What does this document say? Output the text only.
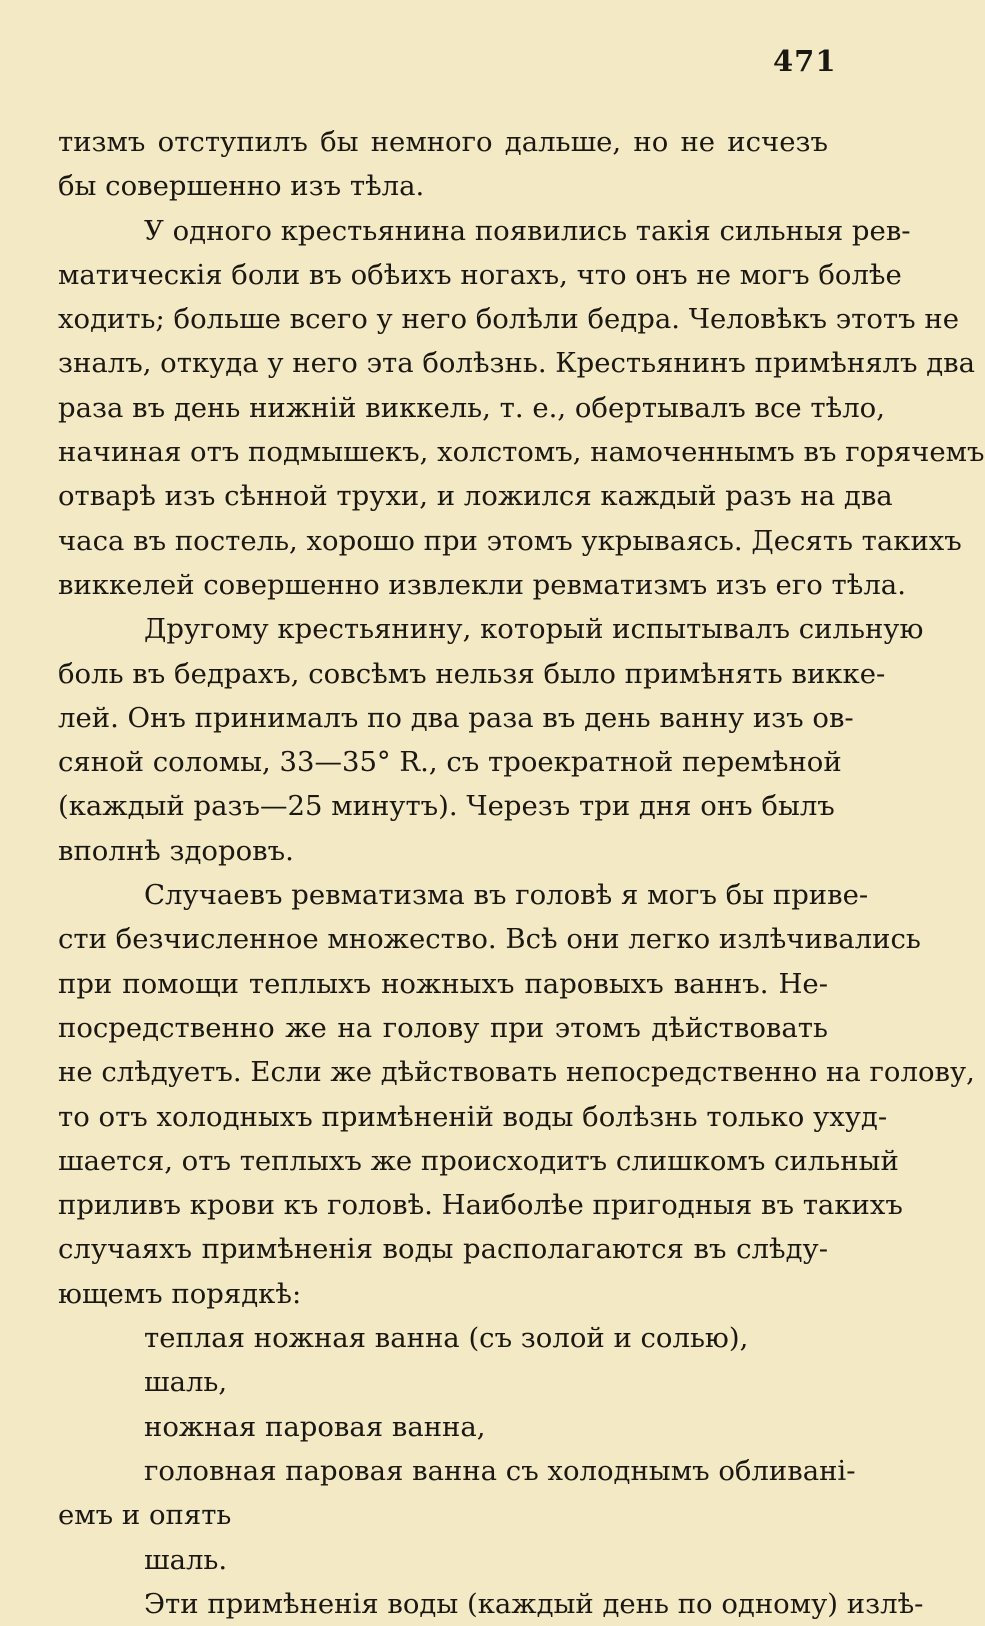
471
тизмъ отступилъ бы немного дальше, но не исчезъ
бы совершенно изъ тѣла.
У одного крестьянина появились такія сильныя рев-
матическія боли въ обѣихъ ногахъ, что онъ не могъ болѣе
ходить; больше всего у него болѣли бедра. Человѣкъ этотъ не
зналъ, откуда у него эта болѣзнь. Крестьянинъ примѣнялъ два
раза въ день нижній виккель, т. е., обертывалъ все тѣло,
начиная отъ подмышекъ, холстомъ, намоченнымъ въ горячемъ
отварѣ изъ сѣнной трухи, и ложился каждый разъ на два
часа въ постель, хорошо при этомъ укрываясь. Десять такихъ
виккелей совершенно извлекли ревматизмъ изъ его тѣла.
Другому крестьянину, который испытывалъ сильную
боль въ бедрахъ, совсѣмъ нельзя было примѣнять викке-
лей. Онъ принималъ по два раза въ день ванну изъ ов-
сяной соломы, 33—35° R., съ троекратной перемѣной
(каждый разъ—25 минутъ). Черезъ три дня онъ былъ
вполнѣ здоровъ.
Случаевъ ревматизма въ головѣ я могъ бы приве-
сти безчисленное множество. Всѣ они легко излѣчивались
при помощи теплыхъ ножныхъ паровыхъ ваннъ. Не-
посредственно же на голову при этомъ дѣйствовать
не слѣдуетъ. Если же дѣйствовать непосредственно на голову,
то отъ холодныхъ примѣненій воды болѣзнь только ухуд-
шается, отъ теплыхъ же происходитъ слишкомъ сильный
приливъ крови къ головѣ. Наиболѣе пригодныя въ такихъ
случаяхъ примѣненія воды располагаются въ слѣду-
ющемъ порядкѣ:
теплая ножная ванна (съ золой и солью),
шаль,
ножная паровая ванна,
головная паровая ванна съ холоднымъ обливані-
емъ и опять
шаль.
Эти примѣненія воды (каждый день по одному) излѣ-
